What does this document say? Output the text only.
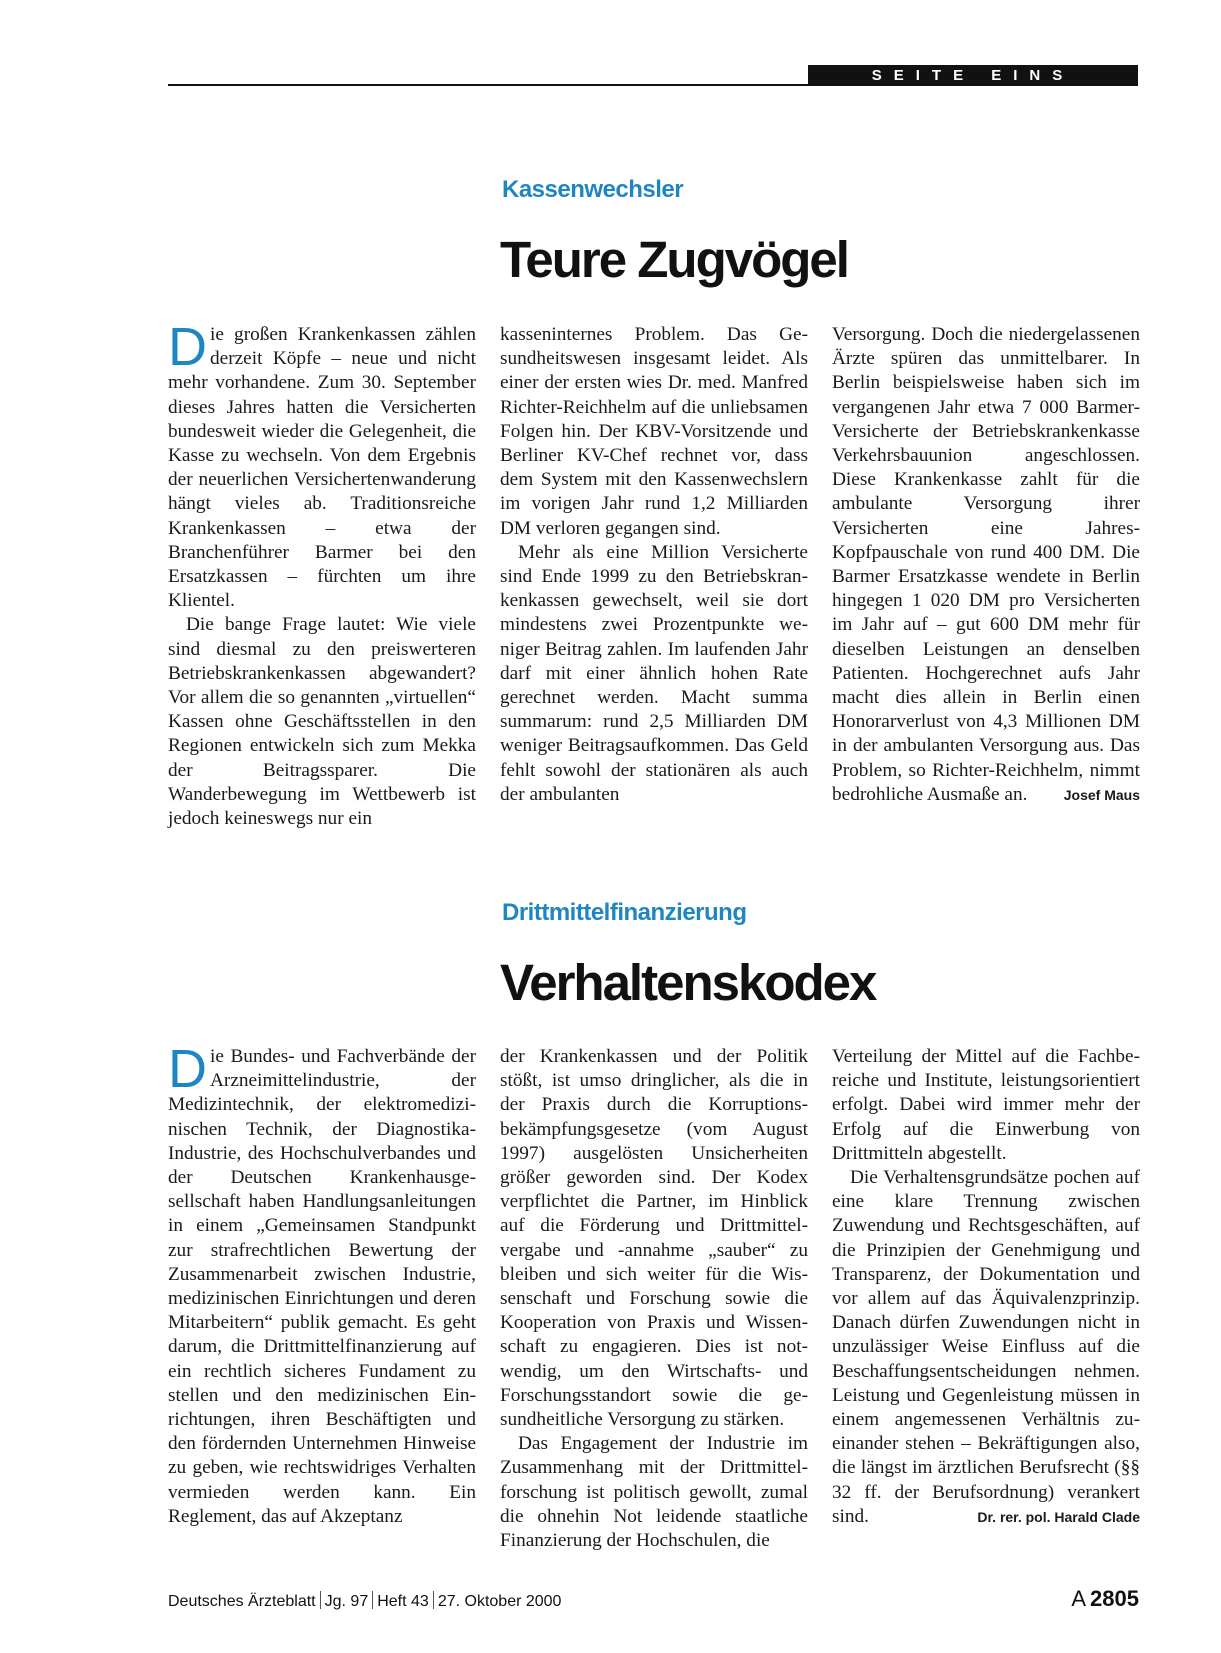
SEITE EINS
Kassenwechsler
Teure Zugvögel

Die großen Krankenkassen zählen derzeit Köpfe – neue und nicht mehr vorhandene. Zum 30. September dieses Jahres hatten die Versicherten bundesweit wieder die Gelegenheit, die Kasse zu wechseln. Von dem Ergebnis der neuerlichen Versichertenwanderung hängt vieles ab. Traditionsreiche Krankenkassen – etwa der Branchenführer Barmer bei den Ersatzkassen – fürchten um ihre Klientel.

Die bange Frage lautet: Wie viele sind diesmal zu den preiswerteren Betriebskrankenkassen abgewandert? Vor allem die so genannten „virtuellen“ Kassen ohne Geschäftsstellen in den Regionen entwickeln sich zum Mekka der Beitragssparer. Die Wanderbewegung im Wettbewerb ist jedoch keineswegs nur ein

kasseninternes Problem. Das Gesundheitswesen insgesamt leidet. Als einer der ersten wies Dr. med. Manfred Richter-Reichhelm auf die unliebsamen Folgen hin. Der KBV-Vorsitzende und Berliner KV-Chef rechnet vor, dass dem System mit den Kassenwechslern im vorigen Jahr rund 1,2 Milliarden DM verloren gegangen sind.

Mehr als eine Million Versicherte sind Ende 1999 zu den Betriebskrankenkassen gewechselt, weil sie dort mindestens zwei Prozentpunkte weniger Beitrag zahlen. Im laufenden Jahr darf mit einer ähnlich hohen Rate gerechnet werden. Macht summa summarum: rund 2,5 Milliarden DM weniger Beitragsaufkommen. Das Geld fehlt sowohl der stationären als auch der ambulanten

Versorgung. Doch die niedergelassenen Ärzte spüren das unmittelbarer. In Berlin beispielsweise haben sich im vergangenen Jahr etwa 7 000 Barmer-Versicherte der Betriebskrankenkasse Verkehrsbauunion angeschlossen. Diese Krankenkasse zahlt für die ambulante Versorgung ihrer Versicherten eine Jahres-Kopfpauschale von rund 400 DM. Die Barmer Ersatzkasse wendete in Berlin hingegen 1 020 DM pro Versicherten im Jahr auf – gut 600 DM mehr für dieselben Leistungen an denselben Patienten. Hochgerechnet aufs Jahr macht dies allein in Berlin einen Honorarverlust von 4,3 Millionen DM in der ambulanten Versorgung aus. Das Problem, so Richter-Reichhelm, nimmt bedrohliche Ausmaße an.	Josef Maus

Drittmittelfinanzierung
Verhaltenskodex

Die Bundes- und Fachverbände der Arzneimittelindustrie, der Medizintechnik, der elektromedizinischen Technik, der Diagnostika-Industrie, des Hochschulverbandes und der Deutschen Krankenhausgesellschaft haben Handlungsanleitungen in einem „Gemeinsamen Standpunkt zur strafrechtlichen Bewertung der Zusammenarbeit zwischen Industrie, medizinischen Einrichtungen und deren Mitarbeitern“ publik gemacht. Es geht darum, die Drittmittelfinanzierung auf ein rechtlich sicheres Fundament zu stellen und den medizinischen Einrichtungen, ihren Beschäftigten und den fördernden Unternehmen Hinweise zu geben, wie rechtswidriges Verhalten vermieden werden kann. Ein Reglement, das auf Akzeptanz

der Krankenkassen und der Politik stößt, ist umso dringlicher, als die in der Praxis durch die Korruptionsbekämpfungsgesetze (vom August 1997) ausgelösten Unsicherheiten größer geworden sind. Der Kodex verpflichtet die Partner, im Hinblick auf die Förderung und Drittmittelvergabe und -annahme „sauber“ zu bleiben und sich weiter für die Wissenschaft und Forschung sowie die Kooperation von Praxis und Wissenschaft zu engagieren. Dies ist notwendig, um den Wirtschafts- und Forschungsstandort sowie die gesundheitliche Versorgung zu stärken.

Das Engagement der Industrie im Zusammenhang mit der Drittmittelforschung ist politisch gewollt, zumal die ohnehin Not leidende staatliche Finanzierung der Hochschulen, die

Verteilung der Mittel auf die Fachbereiche und Institute, leistungsorientiert erfolgt. Dabei wird immer mehr der Erfolg auf die Einwerbung von Drittmitteln abgestellt.

Die Verhaltensgrundsätze pochen auf eine klare Trennung zwischen Zuwendung und Rechtsgeschäften, auf die Prinzipien der Genehmigung und Transparenz, der Dokumentation und vor allem auf das Äquivalenzprinzip. Danach dürfen Zuwendungen nicht in unzulässiger Weise Einfluss auf die Beschaffungsentscheidungen nehmen. Leistung und Gegenleistung müssen in einem angemessenen Verhältnis zueinander stehen – Bekräftigungen also, die längst im ärztlichen Berufsrecht (§§ 32 ff. der Berufsordnung) verankert sind.	Dr. rer. pol. Harald Clade

Deutsches Ärzteblatt Jg. 97 Heft 43 27. Oktober 2000	A 2805
